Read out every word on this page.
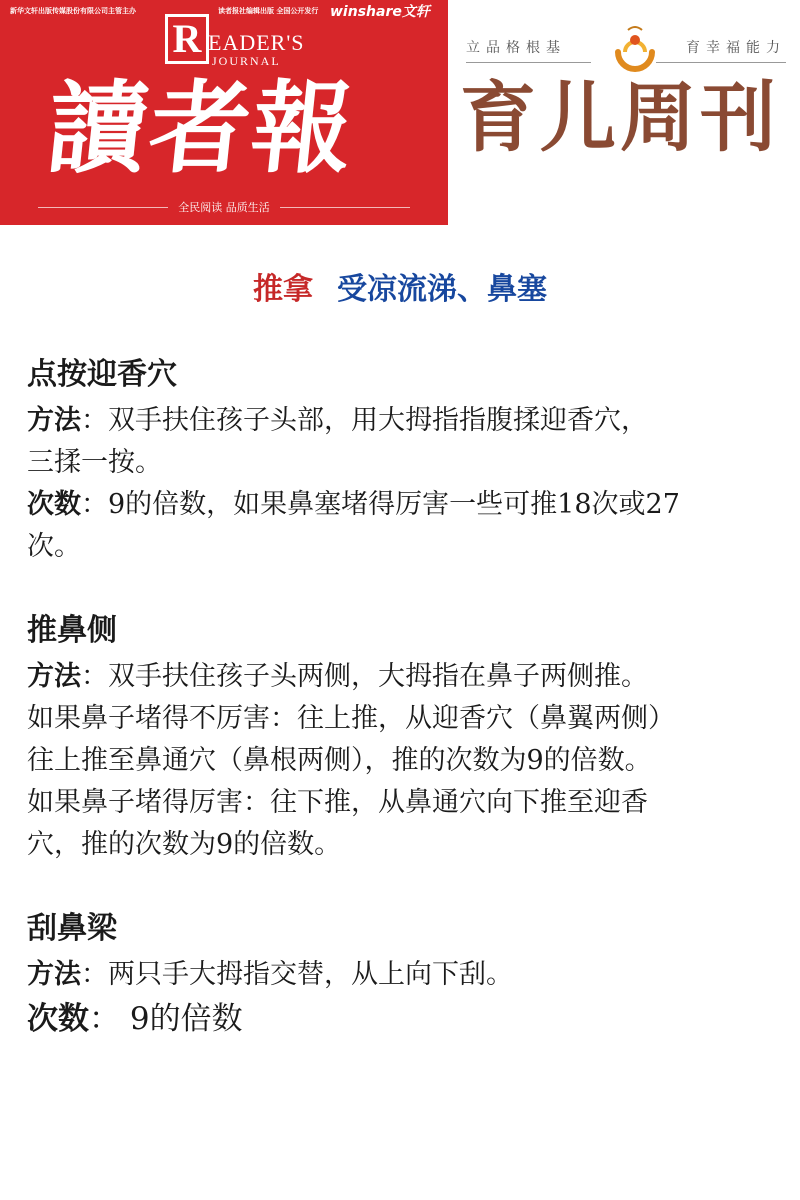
新华文轩出版传媒股份有限公司主管主办	读者报社编辑出版 全国公开发行 winshare文轩
R EADER'S
JOURNAL
讀者報
全民阅读 品质生活
立品格根基	育幸福能力
育儿周刊
推拿 受凉流涕、鼻塞
点按迎香穴

方法：双手扶住孩子头部，用大拇指指腹揉迎香穴，

三揉一按。

次数：9的倍数，如果鼻塞堵得厉害一些可推18次或27

次。

推鼻侧

方法：双手扶住孩子头两侧，大拇指在鼻子两侧推。

如果鼻子堵得不厉害：往上推，从迎香穴（鼻翼两侧）

往上推至鼻通穴（鼻根两侧），推的次数为9的倍数。

如果鼻子堵得厉害：往下推，从鼻通穴向下推至迎香

穴，推的次数为9的倍数。

刮鼻梁

方法：两只手大拇指交替，从上向下刮。

次数： 9的倍数
